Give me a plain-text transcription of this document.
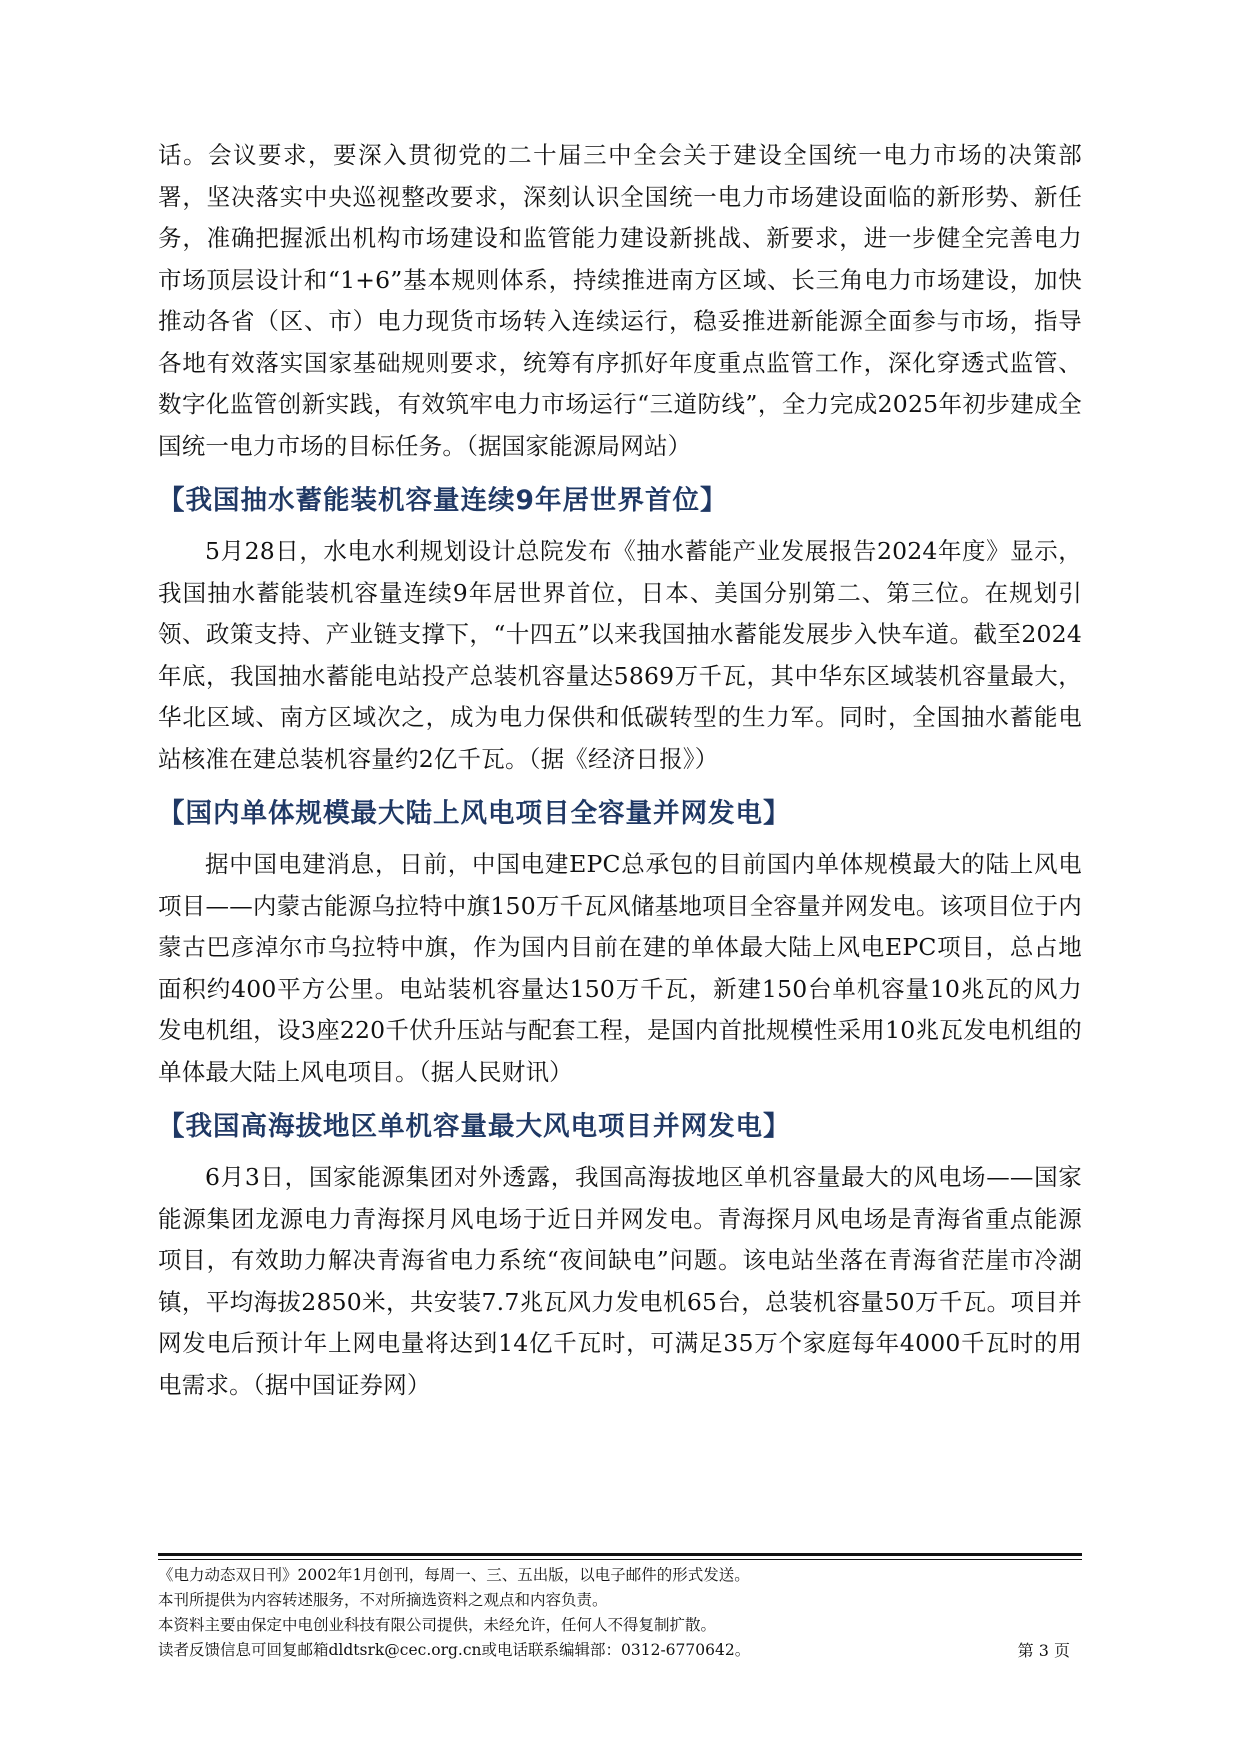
话。会议要求，要深入贯彻党的二十届三中全会关于建设全国统一电力市场的决策部署，坚决落实中央巡视整改要求，深刻认识全国统一电力市场建设面临的新形势、新任务，准确把握派出机构市场建设和监管能力建设新挑战、新要求，进一步健全完善电力市场顶层设计和“1+6”基本规则体系，持续推进南方区域、长三角电力市场建设，加快推动各省（区、市）电力现货市场转入连续运行，稳妥推进新能源全面参与市场，指导各地有效落实国家基础规则要求，统筹有序抓好年度重点监管工作，深化穿透式监管、数字化监管创新实践，有效筑牢电力市场运行“三道防线”，全力完成2025年初步建成全国统一电力市场的目标任务。（据国家能源局网站）

【我国抽水蓄能装机容量连续9年居世界首位】

5月28日，水电水利规划设计总院发布《抽水蓄能产业发展报告2024年度》显示，我国抽水蓄能装机容量连续9年居世界首位，日本、美国分别第二、第三位。在规划引领、政策支持、产业链支撑下，“十四五”以来我国抽水蓄能发展步入快车道。截至2024年底，我国抽水蓄能电站投产总装机容量达5869万千瓦，其中华东区域装机容量最大，华北区域、南方区域次之，成为电力保供和低碳转型的生力军。同时，全国抽水蓄能电站核准在建总装机容量约2亿千瓦。（据《经济日报》）

【国内单体规模最大陆上风电项目全容量并网发电】

据中国电建消息，日前，中国电建EPC总承包的目前国内单体规模最大的陆上风电项目——内蒙古能源乌拉特中旗150万千瓦风储基地项目全容量并网发电。该项目位于内蒙古巴彦淖尔市乌拉特中旗，作为国内目前在建的单体最大陆上风电EPC项目，总占地面积约400平方公里。电站装机容量达150万千瓦，新建150台单机容量10兆瓦的风力发电机组，设3座220千伏升压站与配套工程，是国内首批规模性采用10兆瓦发电机组的单体最大陆上风电项目。（据人民财讯）

【我国高海拔地区单机容量最大风电项目并网发电】

6月3日，国家能源集团对外透露，我国高海拔地区单机容量最大的风电场——国家能源集团龙源电力青海探月风电场于近日并网发电。青海探月风电场是青海省重点能源项目，有效助力解决青海省电力系统“夜间缺电”问题。该电站坐落在青海省茫崖市冷湖镇，平均海拔2850米，共安装7.7兆瓦风力发电机65台，总装机容量50万千瓦。项目并网发电后预计年上网电量将达到14亿千瓦时，可满足35万个家庭每年4000千瓦时的用电需求。（据中国证券网）

《电力动态双日刊》2002年1月创刊，每周一、三、五出版，以电子邮件的形式发送。
本刊所提供为内容转述服务，不对所摘选资料之观点和内容负责。
本资料主要由保定中电创业科技有限公司提供，未经允许，任何人不得复制扩散。
读者反馈信息可回复邮箱dldtsrk@cec.org.cn或电话联系编辑部：0312-6770642。	第 3 页
